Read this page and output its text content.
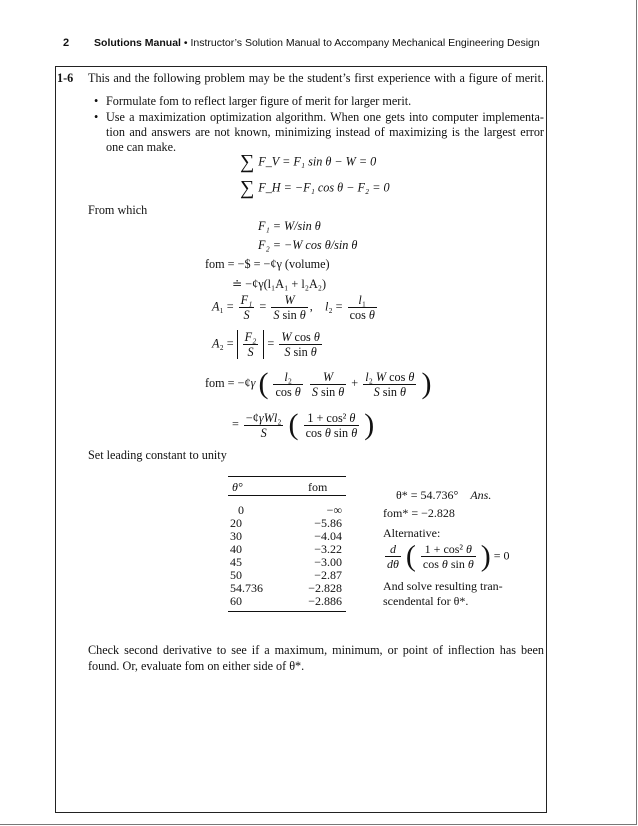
2 Solutions Manual • Instructor’s Solution Manual to Accompany Mechanical Engineering Design
1-6 This and the following problem may be the student’s first experience with a figure of merit.
• Formulate fom to reflect larger figure of merit for larger merit.
• Use a maximization optimization algorithm. When one gets into computer implementa-
tion and answers are not known, minimizing instead of maximizing is the largest error
one can make.
∑ F_V = F₁ sin θ − W = 0
∑ F_H = −F₁ cos θ − F₂ = 0
From which
F₁ = W/sin θ
F₂ = −W cos θ/sin θ
fom = −$ = −¢γ (volume)
≐ −¢γ(l₁A₁ + l₂A₂)
$A_1 = \frac{\text{F₁}}{S} = \frac{W}{\text{S sin θ}}$ ,    $l_2 = \frac{\text{l₁}}{\text{cos θ}}$
$A_2 = \frac{\text{F₂}}{S} = \frac{\text{W cos θ}}{\text{S sin θ}}$
fom = −¢γ ( $\frac{\text{l₂}}{\text{cos θ}}$
$\frac{W}{\text{S sin θ}} + \frac{\text{l₂ W cos θ}}{\text{S sin θ}}$ )
= $\frac{\text{−¢γWl₂}}{S}$ ( $\frac{\text{1 + cos² θ}}{\text{cos θ sin θ}}$ )
Set leading constant to unity
θ°	fom
0	−∞
20	−5.86
30	−4.04
40	−3.22
45	−3.00
50	−2.87
54.736	−2.828
60	−2.886
θ* = 54.736° Ans.
fom* = −2.828
Alternative:
$\frac{d}{d\theta}$ ( $\frac{\text{1 + cos² θ}}{\text{cos θ sin θ}}$ ) = 0
And solve resulting tran-
scendental for θ*.
Check second derivative to see if a maximum, minimum, or point of inflection has been
found. Or, evaluate fom on either side of θ*.
